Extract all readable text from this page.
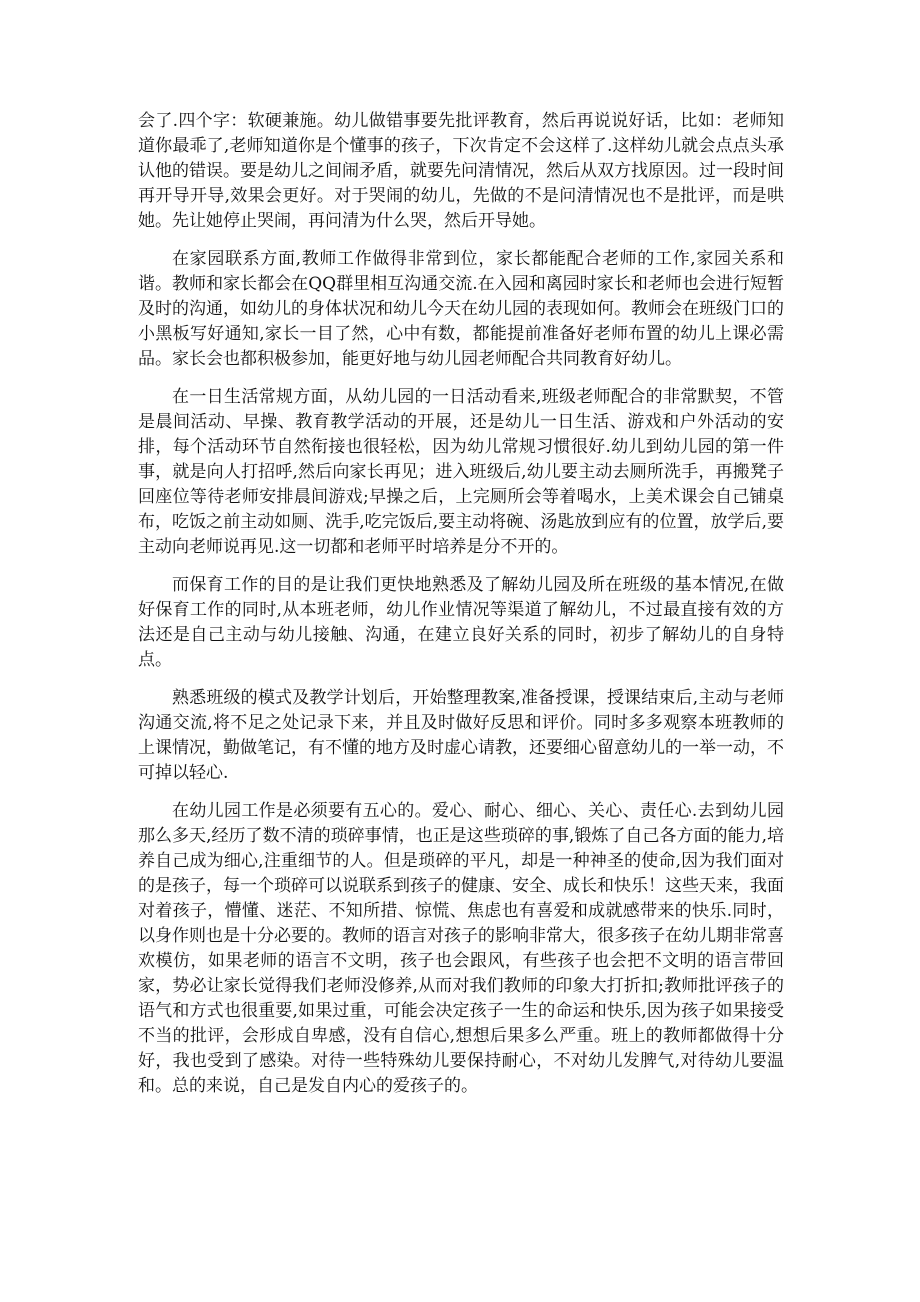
会了.四个字：软硬兼施。幼儿做错事要先批评教育，然后再说说好话，比如：老师知道你最乖了,老师知道你是个懂事的孩子，下次肯定不会这样了.这样幼儿就会点点头承认他的错误。要是幼儿之间闹矛盾，就要先问清情况，然后从双方找原因。过一段时间再开导开导,效果会更好。对于哭闹的幼儿，先做的不是问清情况也不是批评，而是哄她。先让她停止哭闹，再问清为什么哭，然后开导她。

在家园联系方面,教师工作做得非常到位，家长都能配合老师的工作,家园关系和谐。教师和家长都会在QQ群里相互沟通交流.在入园和离园时家长和老师也会进行短暂及时的沟通，如幼儿的身体状况和幼儿今天在幼儿园的表现如何。教师会在班级门口的小黑板写好通知,家长一目了然，心中有数，都能提前准备好老师布置的幼儿上课必需品。家长会也都积极参加，能更好地与幼儿园老师配合共同教育好幼儿。

在一日生活常规方面，从幼儿园的一日活动看来,班级老师配合的非常默契，不管是晨间活动、早操、教育教学活动的开展，还是幼儿一日生活、游戏和户外活动的安排，每个活动环节自然衔接也很轻松，因为幼儿常规习惯很好.幼儿到幼儿园的第一件事，就是向人打招呼,然后向家长再见；进入班级后,幼儿要主动去厕所洗手，再搬凳子回座位等待老师安排晨间游戏;早操之后，上完厕所会等着喝水，上美术课会自己铺桌布，吃饭之前主动如厕、洗手,吃完饭后,要主动将碗、汤匙放到应有的位置，放学后,要主动向老师说再见.这一切都和老师平时培养是分不开的。

而保育工作的目的是让我们更快地熟悉及了解幼儿园及所在班级的基本情况,在做好保育工作的同时,从本班老师，幼儿作业情况等渠道了解幼儿，不过最直接有效的方法还是自己主动与幼儿接触、沟通，在建立良好关系的同时，初步了解幼儿的自身特点。

熟悉班级的模式及教学计划后，开始整理教案,准备授课，授课结束后,主动与老师沟通交流,将不足之处记录下来，并且及时做好反思和评价。同时多多观察本班教师的上课情况，勤做笔记，有不懂的地方及时虚心请教，还要细心留意幼儿的一举一动，不可掉以轻心.

在幼儿园工作是必须要有五心的。爱心、耐心、细心、关心、责任心.去到幼儿园那么多天,经历了数不清的琐碎事情，也正是这些琐碎的事,锻炼了自己各方面的能力,培养自己成为细心,注重细节的人。但是琐碎的平凡，却是一种神圣的使命,因为我们面对的是孩子，每一个琐碎可以说联系到孩子的健康、安全、成长和快乐！这些天来，我面对着孩子，懵懂、迷茫、不知所措、惊慌、焦虑也有喜爱和成就感带来的快乐.同时，以身作则也是十分必要的。教师的语言对孩子的影响非常大，很多孩子在幼儿期非常喜欢模仿，如果老师的语言不文明，孩子也会跟风，有些孩子也会把不文明的语言带回家，势必让家长觉得我们老师没修养,从而对我们教师的印象大打折扣;教师批评孩子的语气和方式也很重要,如果过重，可能会决定孩子一生的命运和快乐,因为孩子如果接受不当的批评，会形成自卑感，没有自信心,想想后果多么严重。班上的教师都做得十分好，我也受到了感染。对待一些特殊幼儿要保持耐心，不对幼儿发脾气,对待幼儿要温和。总的来说，自己是发自内心的爱孩子的。
